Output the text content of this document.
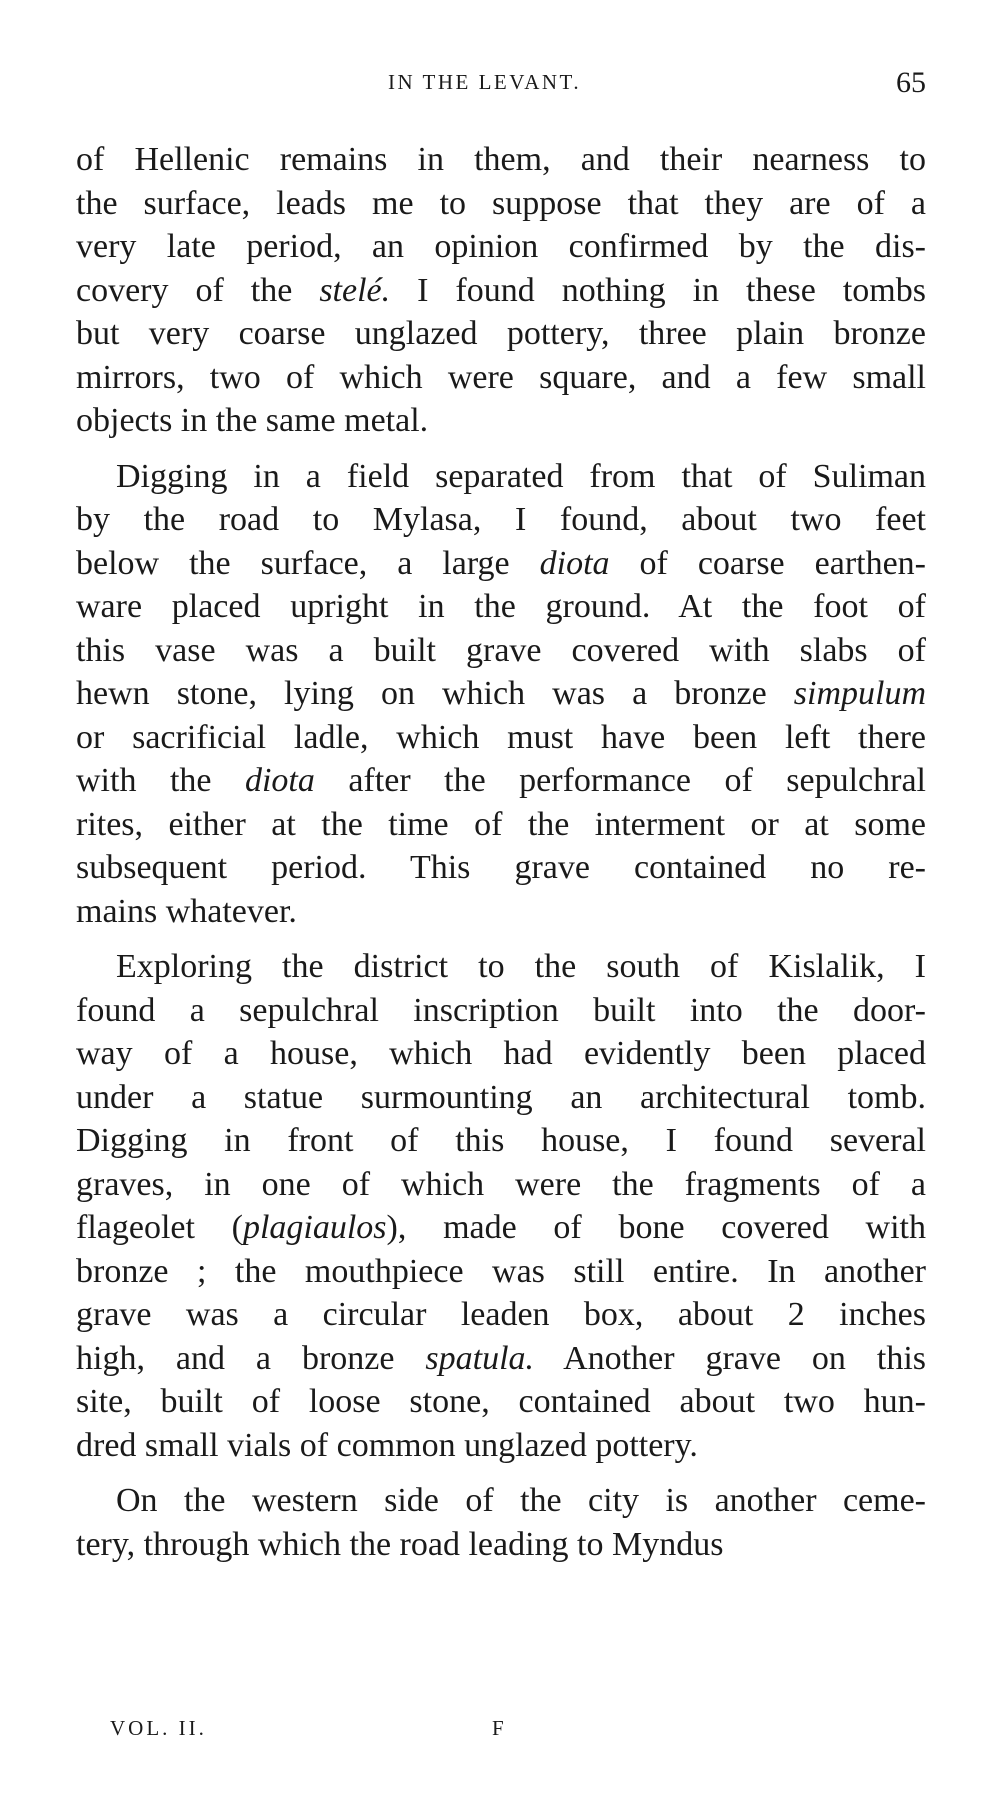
IN THE LEVANT.	65

of Hellenic remains in them, and their nearness to
the surface, leads me to suppose that they are of a
very late period, an opinion confirmed by the dis-
covery of the stelé. I found nothing in these tombs
but very coarse unglazed pottery, three plain bronze
mirrors, two of which were square, and a few small
objects in the same metal.

Digging in a field separated from that of Suliman
by the road to Mylasa, I found, about two feet
below the surface, a large diota of coarse earthen-
ware placed upright in the ground. At the foot of
this vase was a built grave covered with slabs of
hewn stone, lying on which was a bronze simpulum
or sacrificial ladle, which must have been left there
with the diota after the performance of sepulchral
rites, either at the time of the interment or at some
subsequent period. This grave contained no re-
mains whatever.

Exploring the district to the south of Kislalik, I
found a sepulchral inscription built into the door-
way of a house, which had evidently been placed
under a statue surmounting an architectural tomb.
Digging in front of this house, I found several
graves, in one of which were the fragments of a
flageolet (plagiaulos), made of bone covered with
bronze ; the mouthpiece was still entire. In another
grave was a circular leaden box, about 2 inches
high, and a bronze spatula. Another grave on this
site, built of loose stone, contained about two hun-
dred small vials of common unglazed pottery.

On the western side of the city is another ceme-
tery, through which the road leading to Myndus

VOL. II.	F
